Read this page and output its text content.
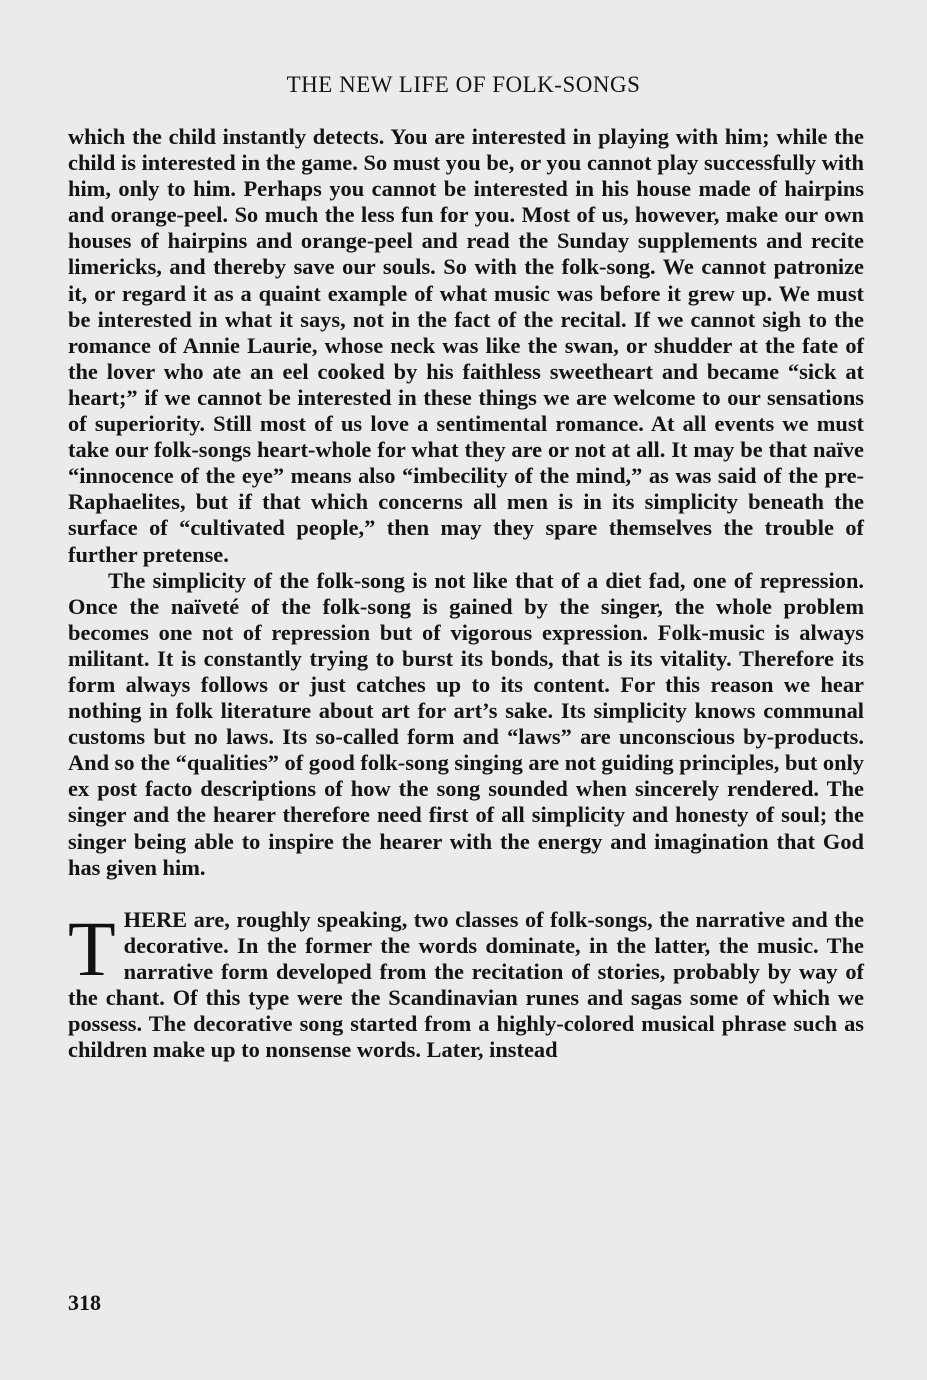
THE NEW LIFE OF FOLK-SONGS

which the child instantly detects. You are interested in playing with him; while the child is interested in the game. So must you be, or you cannot play successfully with him, only to him. Perhaps you cannot be interested in his house made of hairpins and orange-peel. So much the less fun for you. Most of us, however, make our own houses of hairpins and orange-peel and read the Sunday supplements and recite limericks, and thereby save our souls. So with the folk-song. We cannot patronize it, or regard it as a quaint example of what music was before it grew up. We must be interested in what it says, not in the fact of the recital. If we cannot sigh to the romance of Annie Laurie, whose neck was like the swan, or shudder at the fate of the lover who ate an eel cooked by his faithless sweetheart and became “sick at heart;” if we cannot be interested in these things we are welcome to our sensations of superiority. Still most of us love a sentimental romance. At all events we must take our folk-songs heart-whole for what they are or not at all. It may be that naïve “innocence of the eye” means also “imbecility of the mind,” as was said of the pre-Raphaelites, but if that which concerns all men is in its simplicity beneath the surface of “cultivated people,” then may they spare themselves the trouble of further pretense.

The simplicity of the folk-song is not like that of a diet fad, one of repression. Once the naïveté of the folk-song is gained by the singer, the whole problem becomes one not of repression but of vigorous expression. Folk-music is always militant. It is constantly trying to burst its bonds, that is its vitality. Therefore its form always follows or just catches up to its content. For this reason we hear nothing in folk literature about art for art’s sake. Its simplicity knows communal customs but no laws. Its so-called form and “laws” are unconscious by-products. And so the “qualities” of good folk-song singing are not guiding principles, but only ex post facto descriptions of how the song sounded when sincerely rendered. The singer and the hearer therefore need first of all simplicity and honesty of soul; the singer being able to inspire the hearer with the energy and imagination that God has given him.

THERE are, roughly speaking, two classes of folk-songs, the narrative and the decorative. In the former the words dominate, in the latter, the music. The narrative form developed from the recitation of stories, probably by way of the chant. Of this type were the Scandinavian runes and sagas some of which we possess. The decorative song started from a highly-colored musical phrase such as children make up to nonsense words. Later, instead

318
